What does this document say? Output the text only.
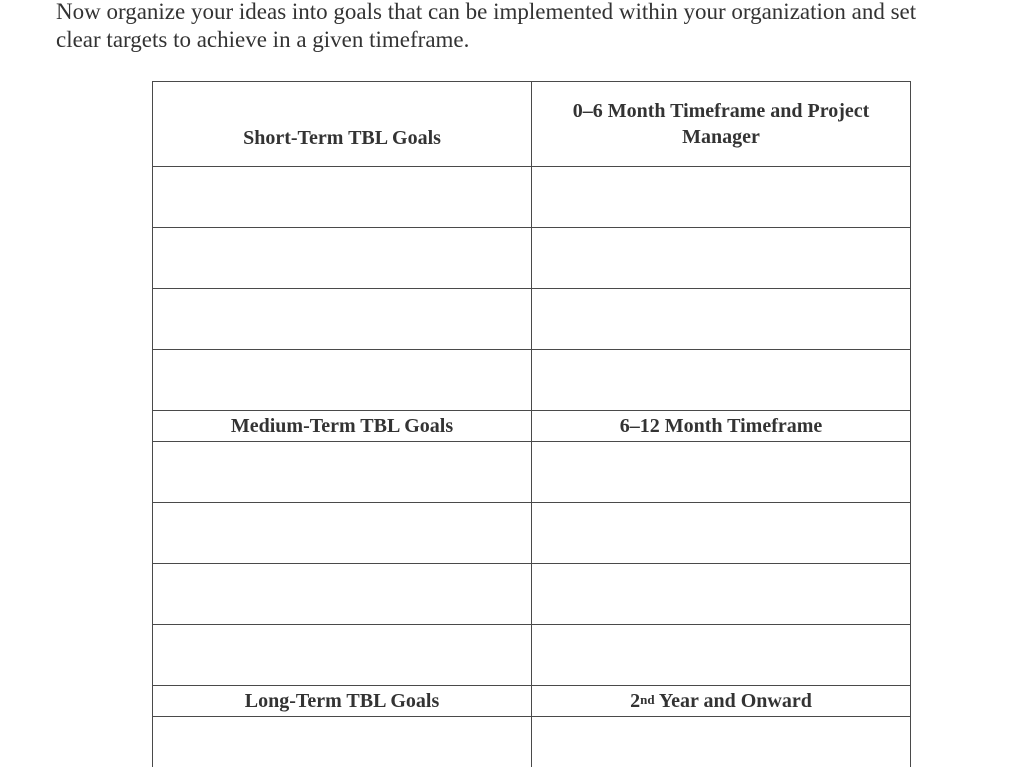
Now organize your ideas into goals that can be implemented within your organization and set
clear targets to achieve in a given timeframe.

Short-Term TBL Goals	0–6 Month Timeframe and Project Manager

Medium-Term TBL Goals	6–12 Month Timeframe

Long-Term TBL Goals	2nd Year and Onward
